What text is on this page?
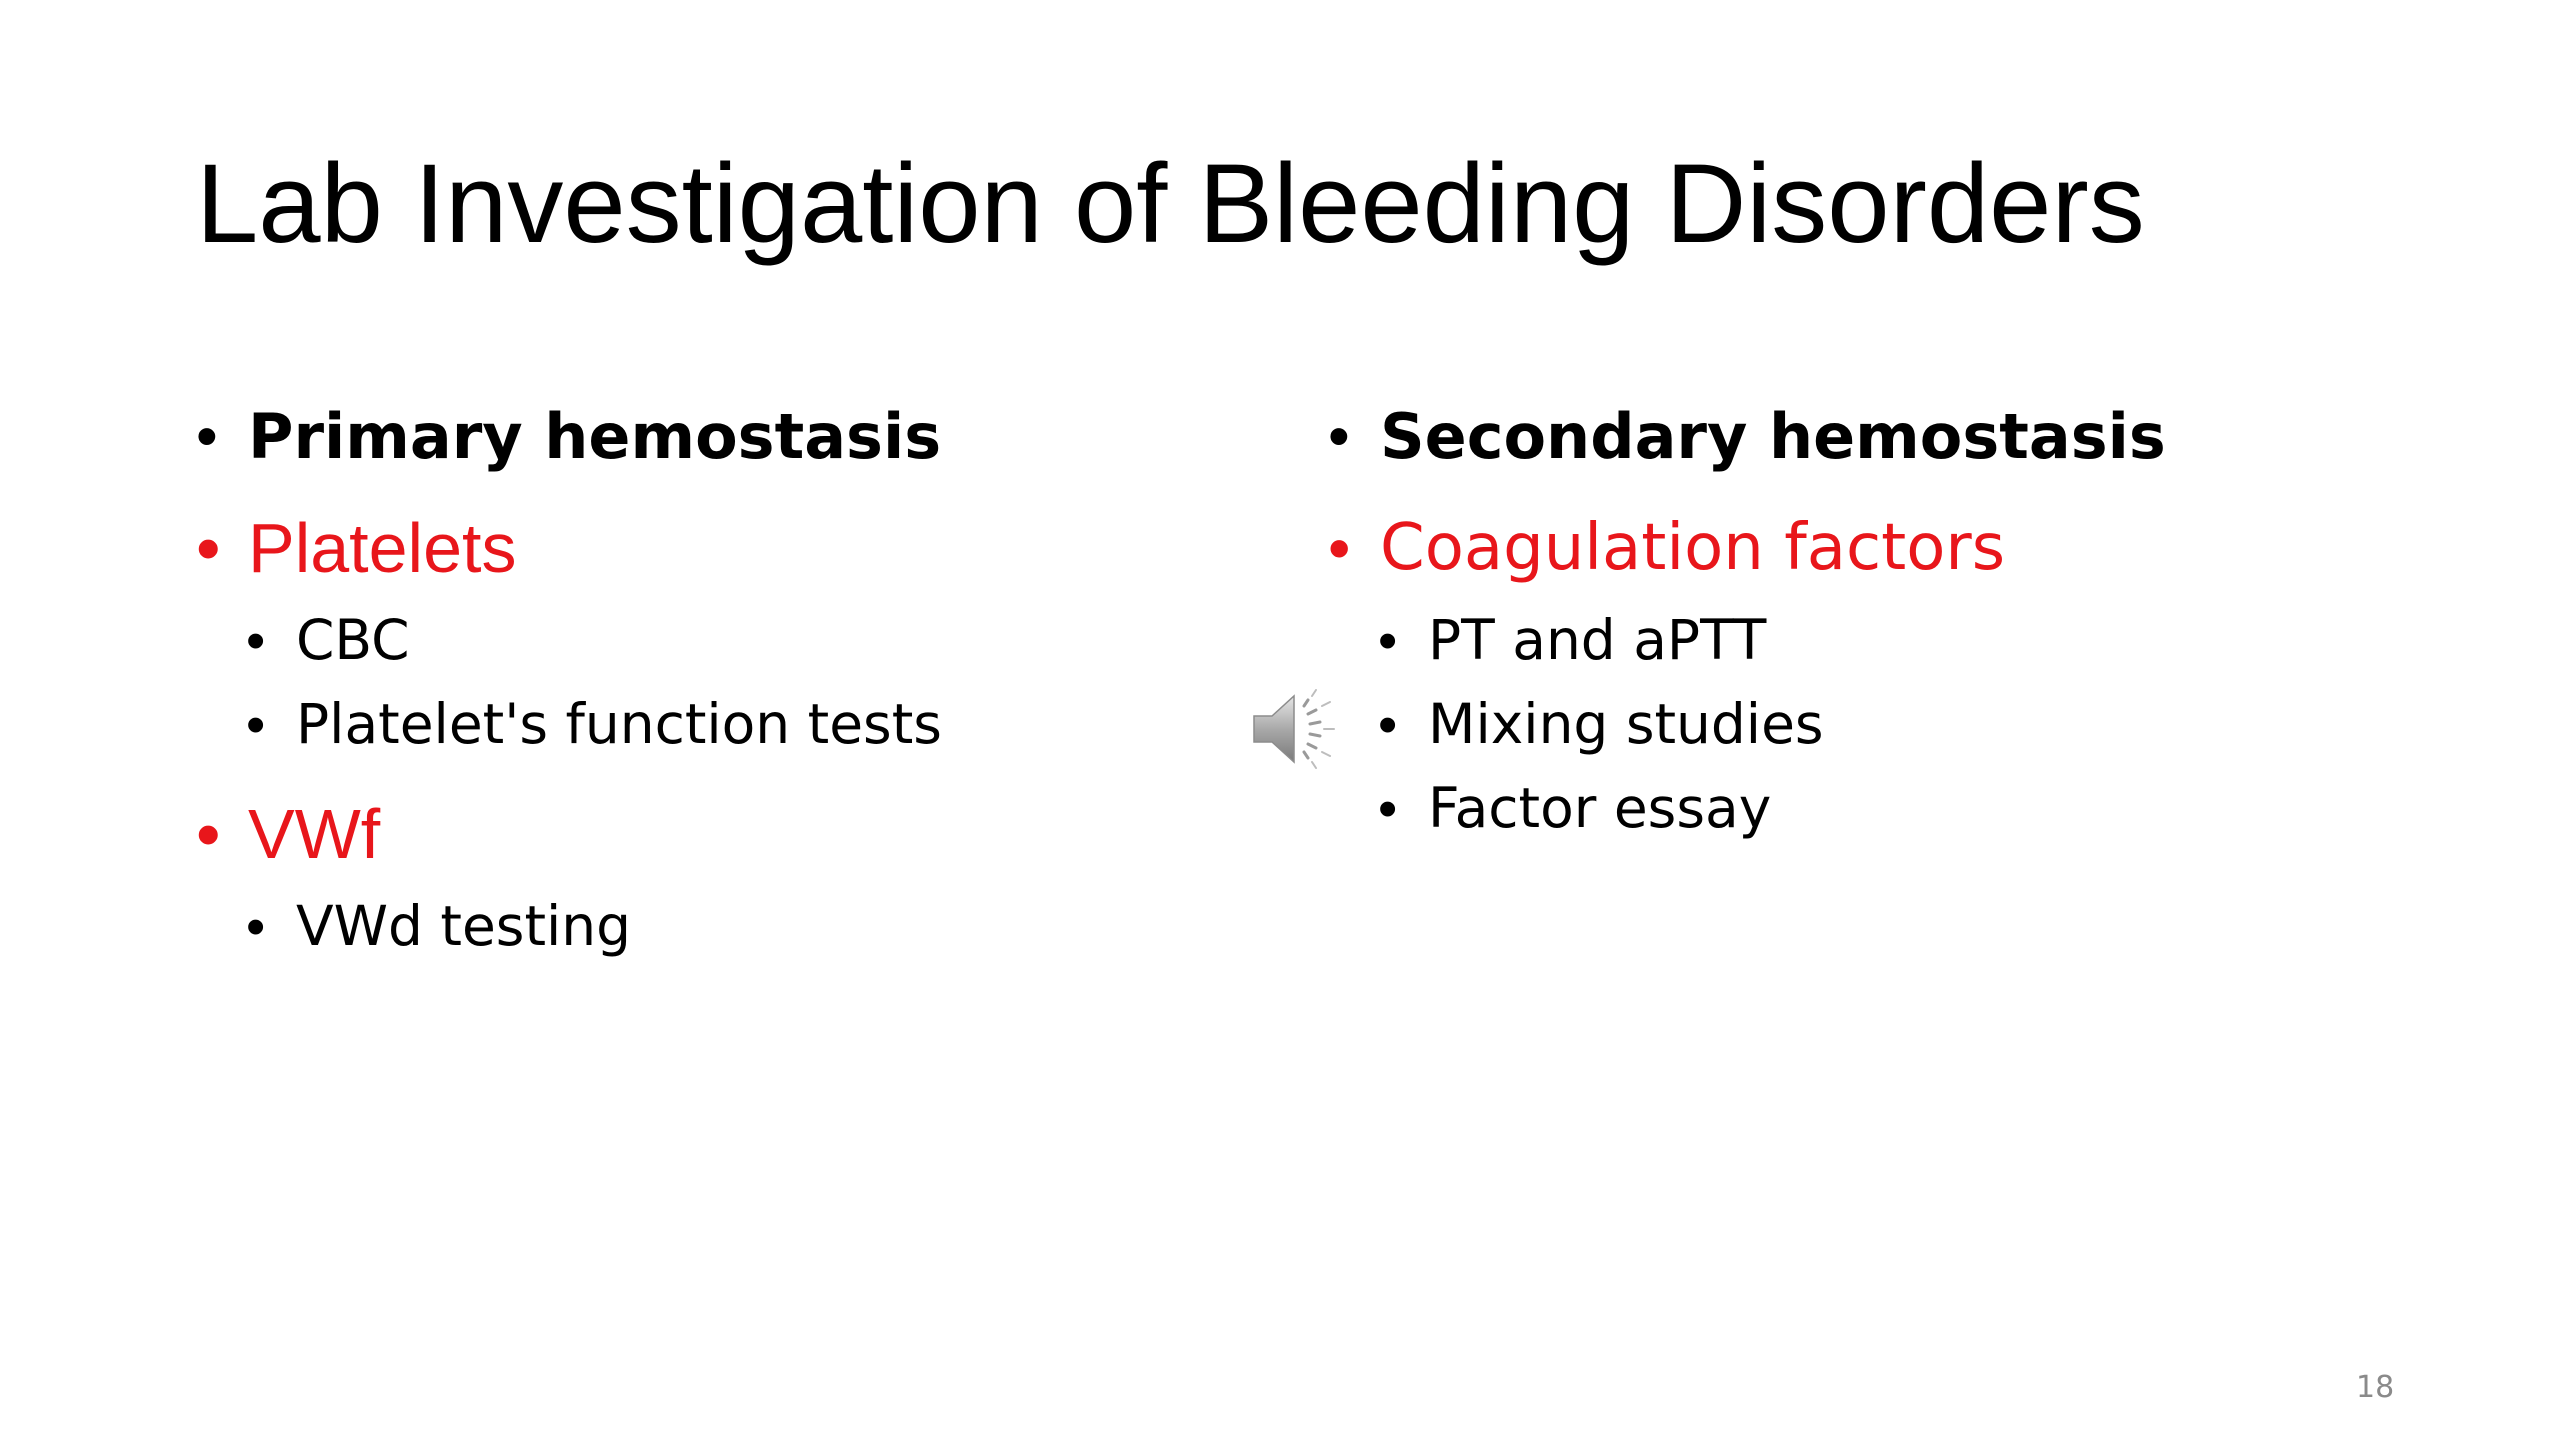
Lab Investigation of Bleeding Disorders
• Primary hemostasis
• Platelets
• CBC
• Platelet's function tests
• VWf
• VWd testing
• Secondary hemostasis
• Coagulation factors
• PT and aPTT
• Mixing studies
• Factor essay
18
